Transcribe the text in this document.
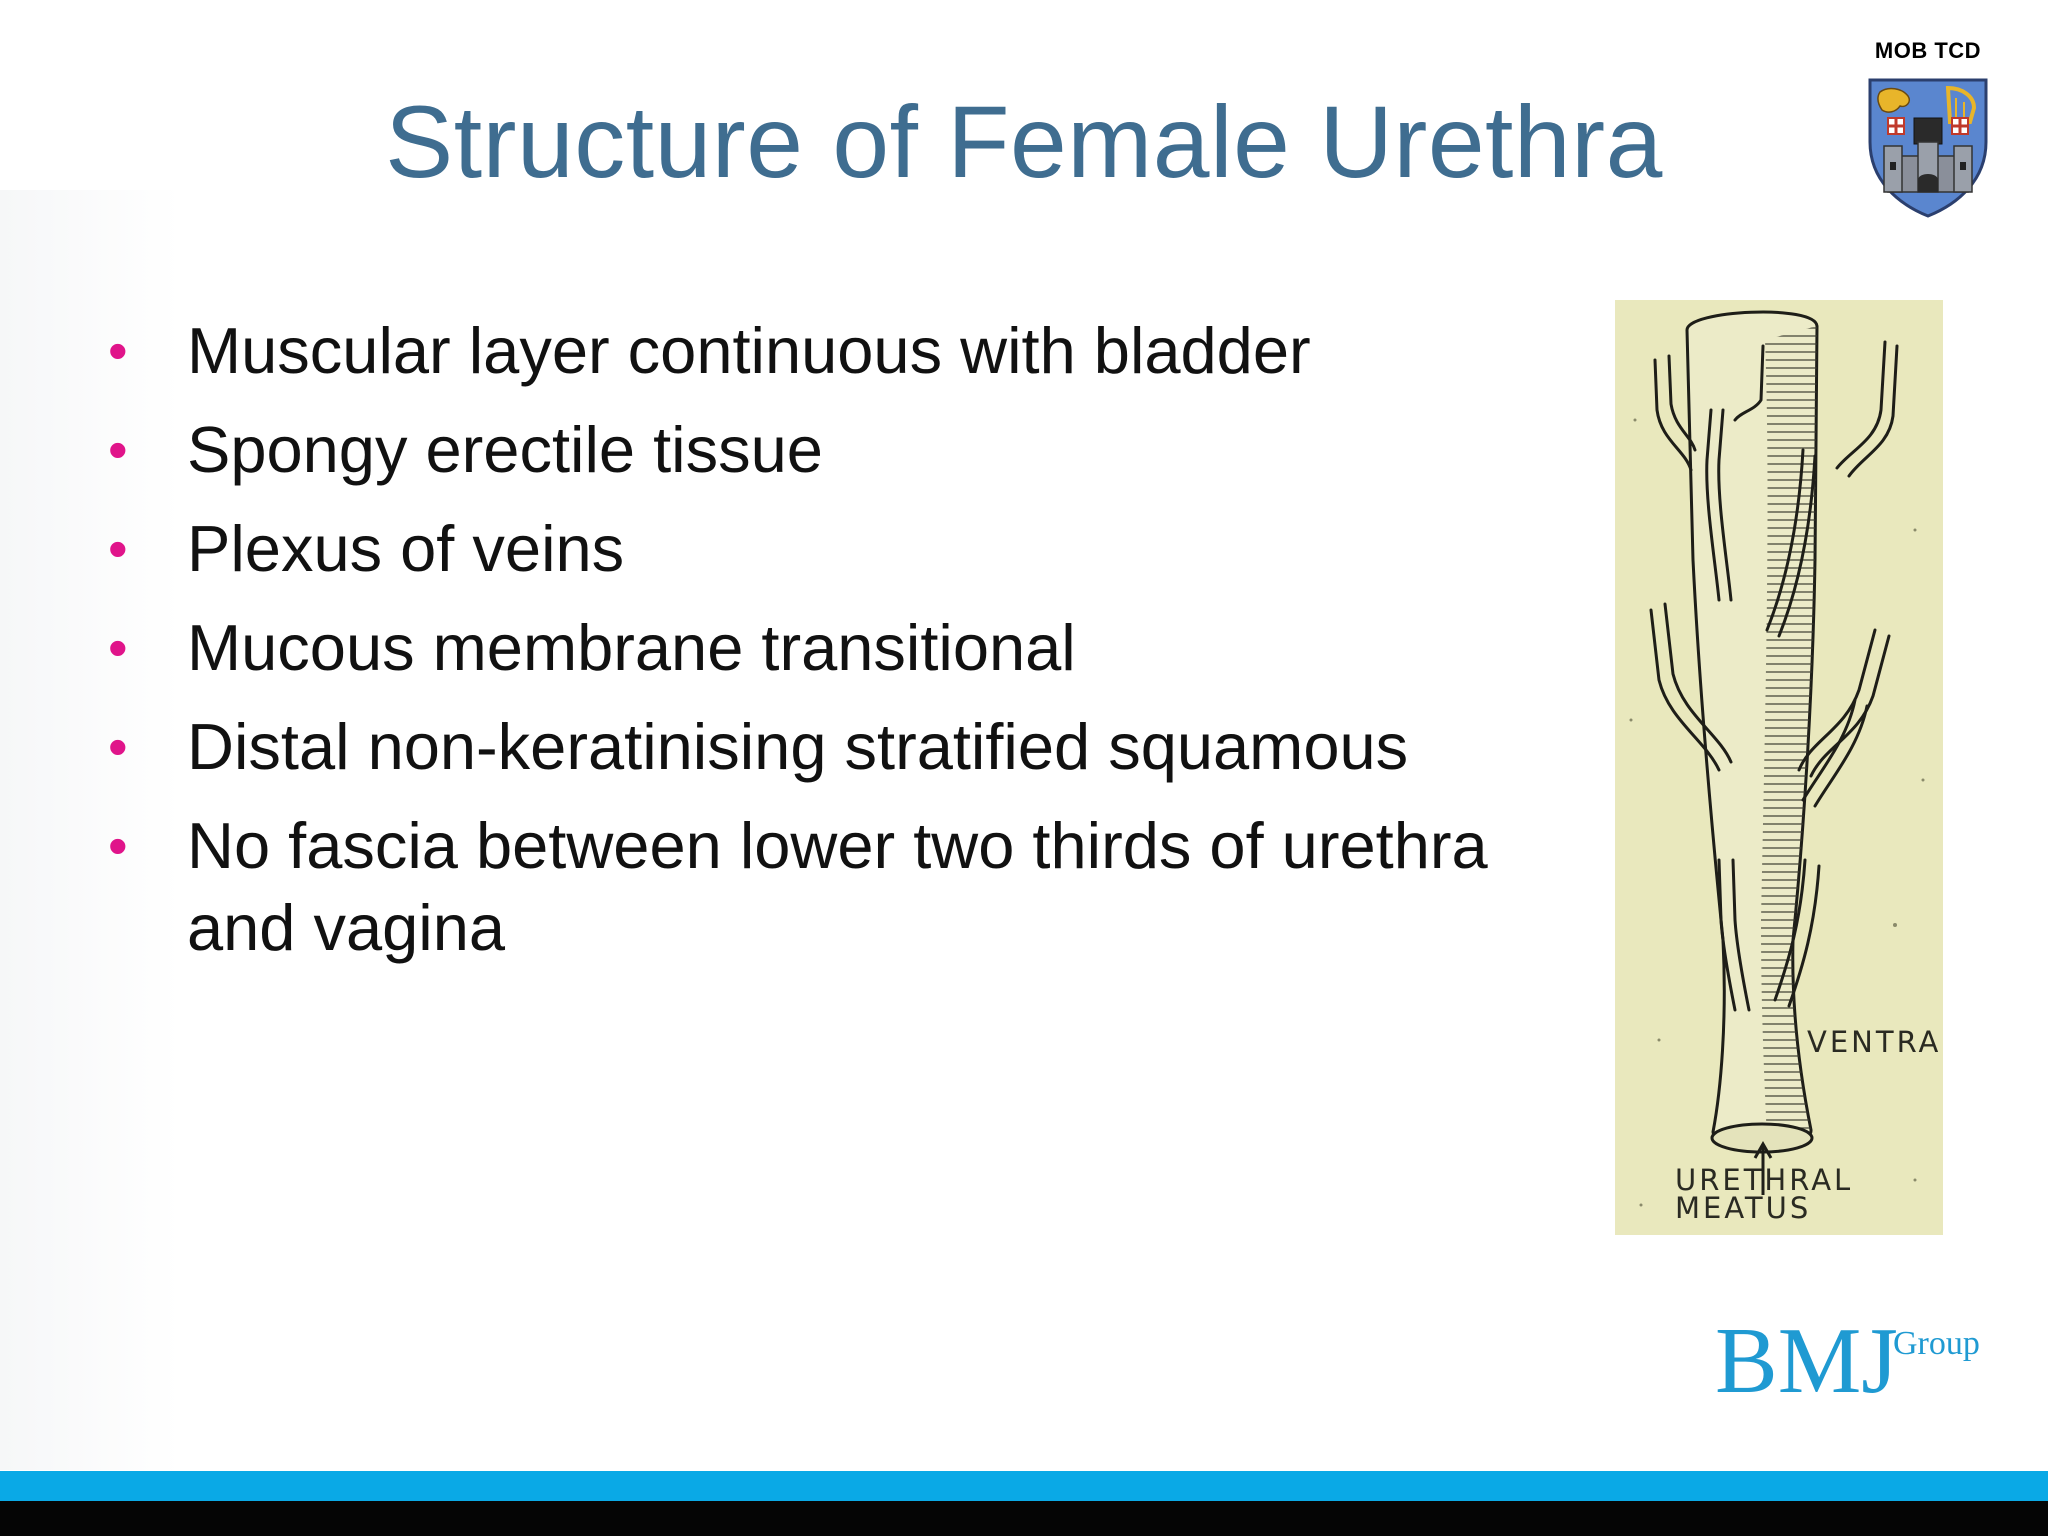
Structure of Female Urethra
MOB TCD
• Muscular layer continuous with bladder
• Spongy erectile tissue
• Plexus of veins
• Mucous membrane transitional
• Distal non-keratinising stratified squamous
• No fascia between lower two thirds of urethra and vagina
VENTRA
URETHRAL
MEATUS
BMJ
Group
